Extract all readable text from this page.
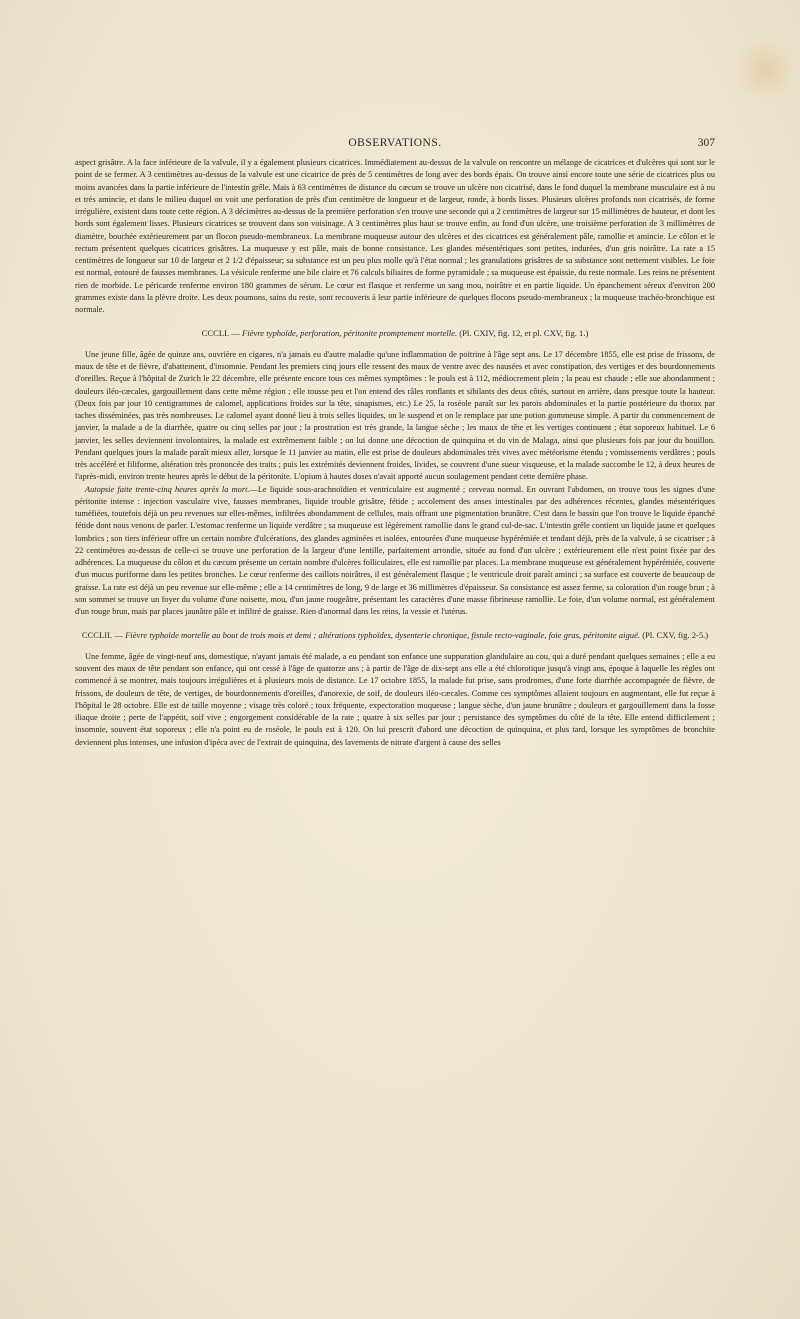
OBSERVATIONS.	307

aspect grisâtre. A la face inférieure de la valvule, il y a également plusieurs cicatrices. Immédiatement au-dessus de la valvule on rencontre un mélange de cicatrices et d'ulcères qui sont sur le point de se fermer. A 3 centimètres au-dessus de la valvule est une cicatrice de près de 5 centimètres de long avec des bords épais. On trouve ainsi encore toute une série de cicatrices plus ou moins avancées dans la partie inférieure de l'intestin grêle. Mais à 63 centimètres de distance du cæcum se trouve un ulcère non cicatrisé, dans le fond duquel la membrane musculaire est à nu et très amincie, et dans le milieu duquel on voit une perforation de près d'un centimètre de longueur et de largeur, ronde, à bords lisses. Plusieurs ulcères profonds non cicatrisés, de forme irrégulière, existent dans toute cette région. A 3 décimètres au-dessus de la première perforation s'en trouve une seconde qui a 2 centimètres de largeur sur 15 millimètres de hauteur, et dont les bords sont également lisses. Plusieurs cicatrices se trouvent dans son voisinage. A 3 centimètres plus haut se trouve enfin, au fond d'un ulcère, une troisième perforation de 3 millimètres de diamètre, bouchée extérieurement par un flocon pseudo-membraneux. La membrane muqueuse autour des ulcères et des cicatrices est généralement pâle, ramollie et amincie. Le côlon et le rectum présentent quelques cicatrices grisâtres. La muqueuse y est pâle, mais de bonne consistance. Les glandes mésentériques sont petites, indurées, d'un gris noirâtre. La rate a 15 centimètres de longueur sur 10 de largeur et 2 1/2 d'épaisseur; sa substance est un peu plus molle qu'à l'état normal ; les granulations grisâtres de sa substance sont nettement visibles. Le foie est normal, entouré de fausses membranes. La vésicule renferme une bile claire et 76 calculs biliaires de forme pyramidale ; sa muqueuse est épaissie, du reste normale. Les reins ne présentent rien de morbide. Le péricarde renferme environ 180 grammes de sérum. Le cœur est flasque et renferme un sang mou, noirâtre et en partie liquide. Un épanchement séreux d'environ 200 grammes existe dans la plèvre droite. Les deux poumons, sains du reste, sont recouverts à leur partie inférieure de quelques flocons pseudo-membraneux ; la muqueuse trachéo-bronchique est normale.

CCCLI. — Fièvre typhoïde, perforation, péritonite promptement mortelle. (Pl. CXIV, fig. 12, et pl. CXV, fig. 1.)

Une jeune fille, âgée de quinze ans, ouvrière en cigares, n'a jamais eu d'autre maladie qu'une inflammation de poitrine à l'âge sept ans. Le 17 décembre 1855, elle est prise de frissons, de maux de tête et de fièvre, d'abattement, d'insomnie. Pendant les premiers cinq jours elle ressent des maux de ventre avec des nausées et avec constipation, des vertiges et des bourdonnements d'oreilles. Reçue à l'hôpital de Zurich le 22 décembre, elle présente encore tous ces mêmes symptômes : le pouls est à 112, médiocrement plein ; la peau est chaude ; elle sue abondamment ; douleurs iléo-cæcales, gargouillement dans cette même région ; elle tousse peu et l'on entend des râles ronflants et sibilants des deux côtés, surtout en arrière, dans presque toute la hauteur. (Deux fois par jour 10 centigrammes de calomel, applications froides sur la tête, sinapismes, etc.) Le 25, la roséole paraît sur les parois abdominales et la partie postérieure du thorax par taches disséminées, pas très nombreuses. Le calomel ayant donné lieu à trois selles liquides, on le suspend et on le remplace par une potion gommeuse simple. A partir du commencement de janvier, la malade a de la diarrhée, quatre ou cinq selles par jour ; la prostration est très grande, la langue sèche ; les maux de tête et les vertiges continuent ; état soporeux habituel. Le 6 janvier, les selles deviennent involontaires, la malade est extrêmement faible ; on lui donne une décoction de quinquina et du vin de Malaga, ainsi que plusieurs fois par jour du bouillon. Pendant quelques jours la malade paraît mieux aller, lorsque le 11 janvier au matin, elle est prise de douleurs abdominales très vives avec météorisme étendu ; vomissements verdâtres ; pouls très accéléré et filiforme, altération très prononcée des traits ; puis les extrémités deviennent froides, livides, se couvrent d'une sueur visqueuse, et la malade succombe le 12, à deux heures de l'après-midi, environ trente heures après le début de la péritonite. L'opium à hautes doses n'avait apporté aucun soulagement pendant cette dernière phase.

Autopsie faite trente-cinq heures après la mort.—Le liquide sous-arachnoïdien et ventriculaire est augmenté ; cerveau normal. En ouvrant l'abdomen, on trouve tous les signes d'une péritonite intense : injection vasculaire vive, fausses membranes, liquide trouble grisâtre, fétide ; accolement des anses intestinales par des adhérences récentes, glandes mésentériques tuméfiées, toutefois déjà un peu revenues sur elles-mêmes, infiltrées abondamment de cellules, mais offrant une pigmentation brunâtre. C'est dans le bassin que l'on trouve le liquide épanché fétide dont nous venons de parler. L'estomac renferme un liquide verdâtre ; sa muqueuse est légèrement ramollie dans le grand cul-de-sac. L'intestin grêle contient un liquide jaune et quelques lombrics ; son tiers inférieur offre un certain nombre d'ulcérations, des glandes agminées et isolées, entourées d'une muqueuse hypérémiée et tendant déjà, près de la valvule, à se cicatriser ; à 22 centimètres au-dessus de celle-ci se trouve une perforation de la largeur d'une lentille, parfaitement arrondie, située au fond d'un ulcère ; extérieurement elle n'est point fixée par des adhérences. La muqueuse du côlon et du cæcum présente un certain nombre d'ulcères folliculaires, elle est ramollie par places. La membrane muqueuse est généralement hypérémiée, couverte d'un mucus puriforme dans les petites bronches. Le cœur renferme des caillots noirâtres, il est généralement flasque ; le ventricule droit paraît aminci ; sa surface est couverte de beaucoup de graisse. La rate est déjà un peu revenue sur elle-même ; elle a 14 centimètres de long, 9 de large et 36 millimètres d'épaisseur. Sa consistance est assez ferme, sa coloration d'un rouge brun ; à son sommet se trouve un foyer du volume d'une noisette, mou, d'un jaune rougeâtre, présentant les caractères d'une masse fibrineuse ramollie. Le foie, d'un volume normal, est généralement d'un rouge brun, mais par places jaunâtre pâle et infiltré de graisse. Rien d'anormal dans les reins, la vessie et l'utérus.

CCCLII. — Fièvre typhoïde mortelle au bout de trois mois et demi ; altérations typhoïdes, dysenterie chronique, fistule recto-vaginale, foie gras, péritonite aiguë. (Pl. CXV, fig. 2-5.)

Une femme, âgée de vingt-neuf ans, domestique, n'ayant jamais été malade, a eu pendant son enfance une suppuration glandulaire au cou, qui a duré pendant quelques semaines ; elle a eu souvent des maux de tête pendant son enfance, qui ont cessé à l'âge de quatorze ans ; à partir de l'âge de dix-sept ans elle a été chlorotique jusqu'à vingt ans, époque à laquelle les règles ont commencé à se montrer, mais toujours irrégulières et à plusieurs mois de distance. Le 17 octobre 1855, la malade fut prise, sans prodromes, d'une forte diarrhée accompagnée de fièvre, de frissons, de douleurs de tête, de vertiges, de bourdonnements d'oreilles, d'anorexie, de soif, de douleurs iléo-cæcales. Comme ces symptômes allaient toujours en augmentant, elle fut reçue à l'hôpital le 28 octobre. Elle est de taille moyenne ; visage très coloré ; toux fréquente, expectoration muqueuse ; langue sèche, d'un jaune brunâtre ; douleurs et gargouillement dans la fosse iliaque droite ; perte de l'appétit, soif vive ; engorgement considérable de la rate ; quatre à six selles par jour ; persistance des symptômes du côté de la tête. Elle entend difficilement ; insomnie, souvent état soporeux ; elle n'a point eu de roséole, le pouls est à 120. On lui prescrit d'abord une décoction de quinquina, et plus tard, lorsque les symptômes de bronchite deviennent plus intenses, une infusion d'ipéca avec de l'extrait de quinquina, des lavements de nitrate d'argent à cause des selles
